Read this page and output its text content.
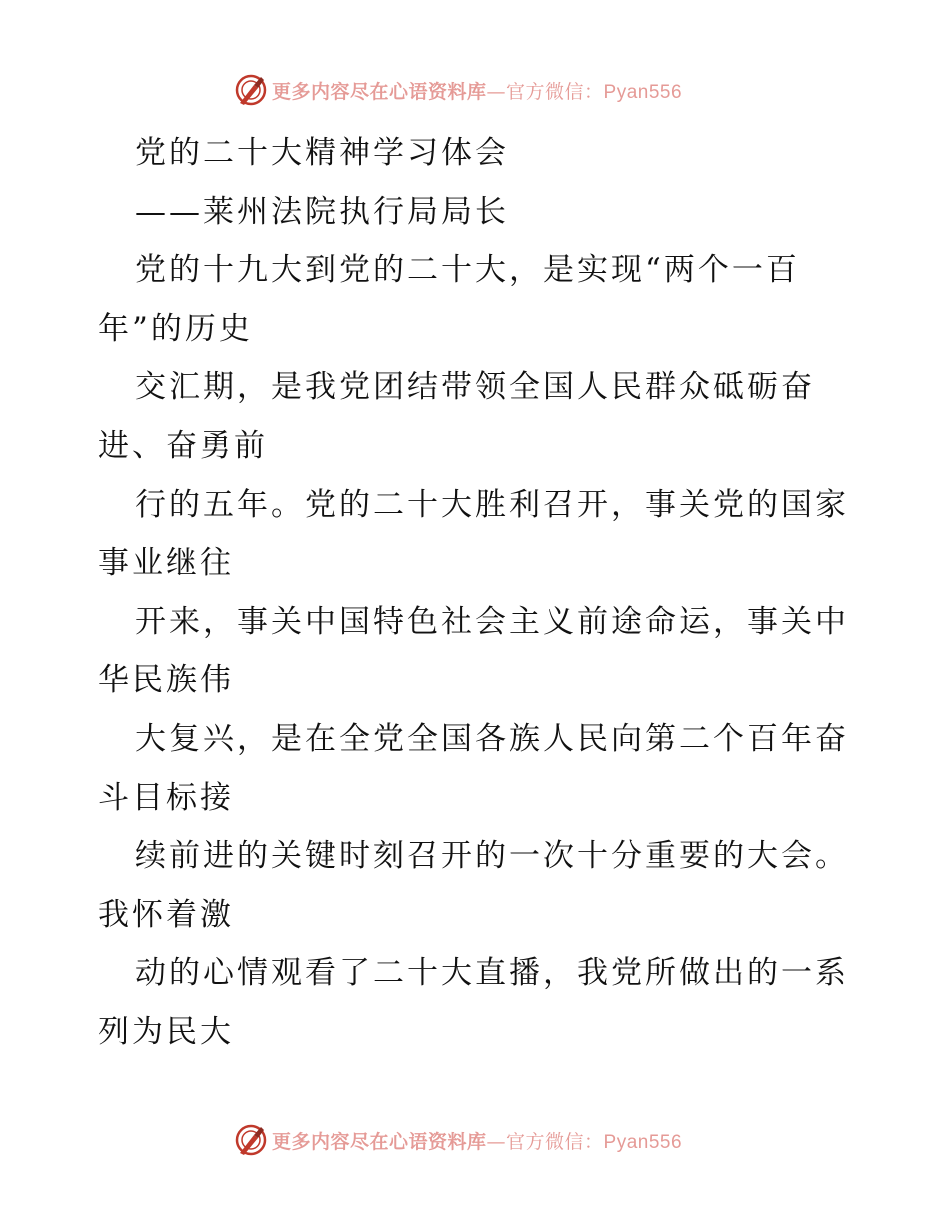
更多内容尽在心语资料库—官方微信：Pyan556
党的二十大精神学习体会
——莱州法院执行局局长
党的十九大到党的二十大，是实现“两个一百
年”的历史
交汇期，是我党团结带领全国人民群众砥砺奋
进、奋勇前
行的五年。党的二十大胜利召开，事关党的国家
事业继往
开来，事关中国特色社会主义前途命运，事关中
华民族伟
大复兴，是在全党全国各族人民向第二个百年奋
斗目标接
续前进的关键时刻召开的一次十分重要的大会。
我怀着激
动的心情观看了二十大直播，我党所做出的一系
列为民大
更多内容尽在心语资料库—官方微信：Pyan556
